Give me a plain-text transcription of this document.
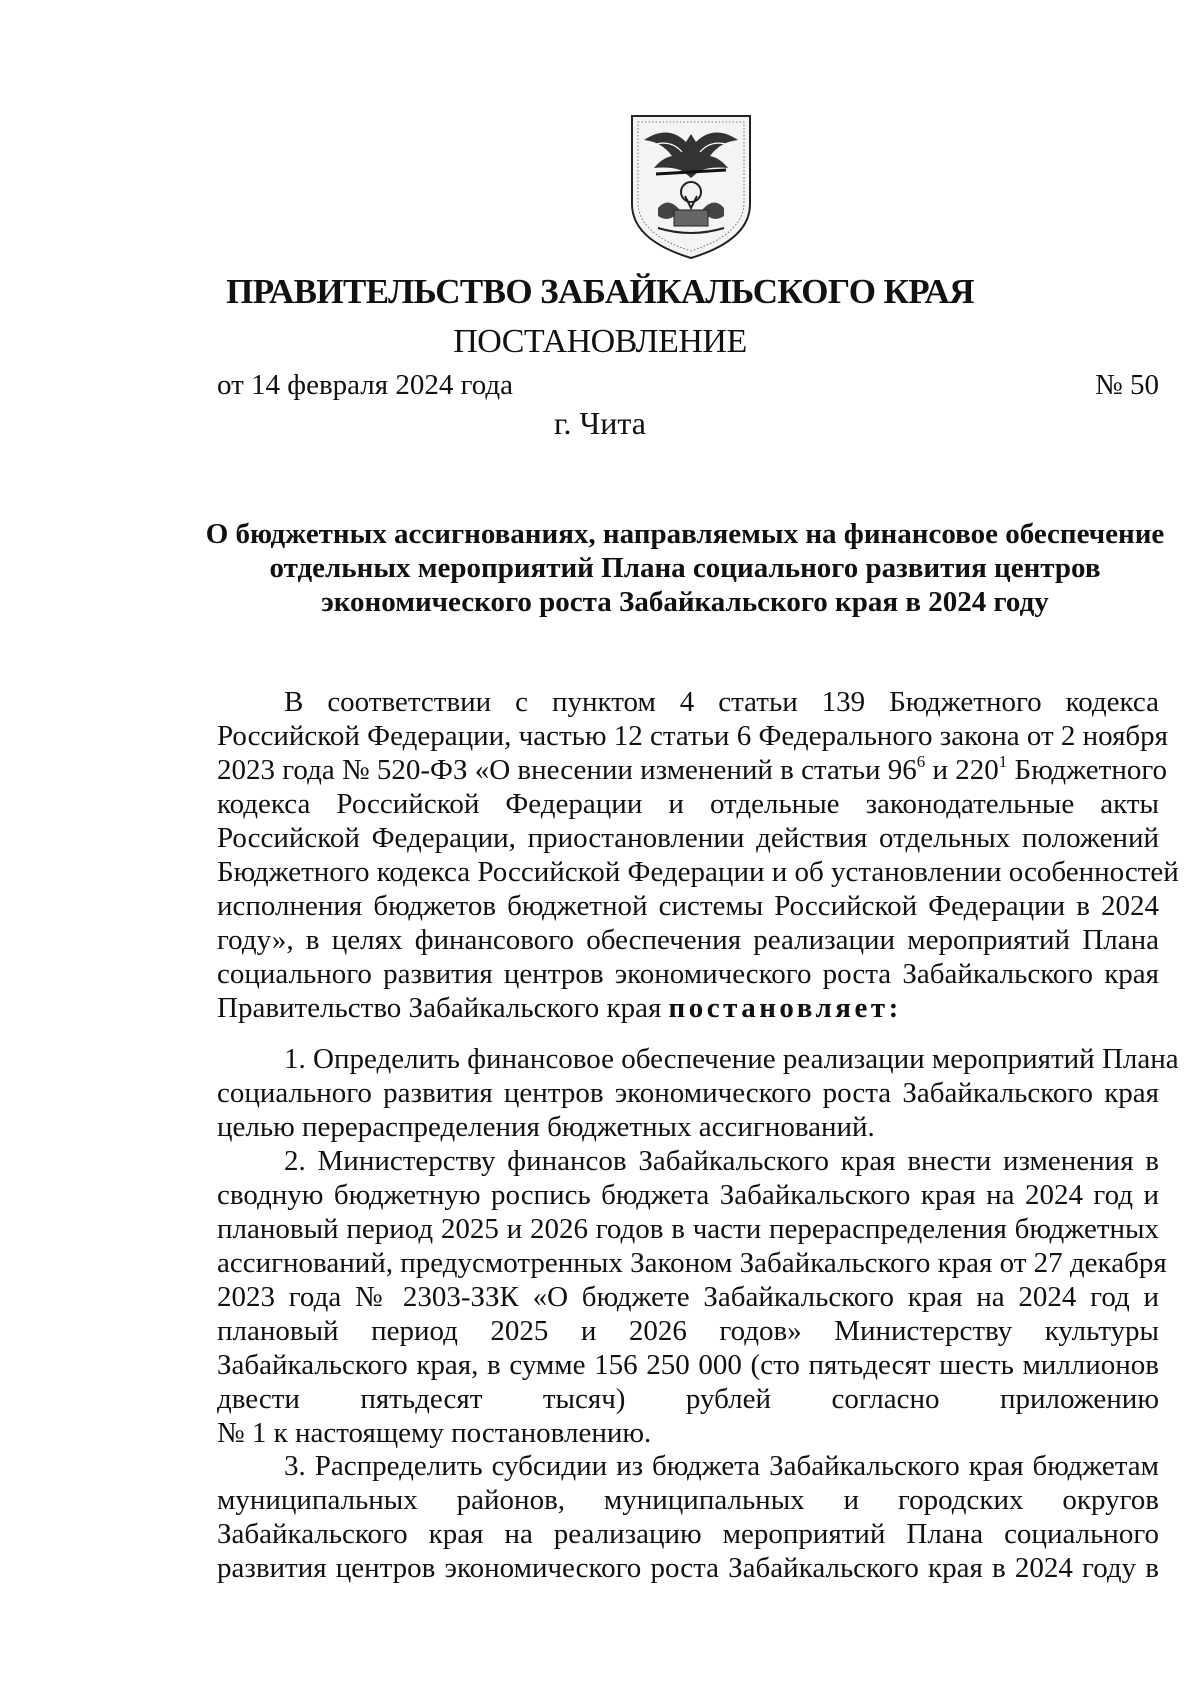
ПРАВИТЕЛЬСТВО ЗАБАЙКАЛЬСКОГО КРАЯ
ПОСТАНОВЛЕНИЕ
от 14 февраля 2024 года	№ 50
г. Чита
О бюджетных ассигнованиях, направляемых на финансовое обеспечение
отдельных мероприятий Плана социального развития центров
экономического роста Забайкальского края в 2024 году
В соответствии с пунктом 4 статьи 139 Бюджетного кодекса
Российской Федерации, частью 12 статьи 6 Федерального закона от 2 ноября
2023 года № 520-ФЗ «О внесении изменений в статьи $96^6$ и $220^1$ Бюджетного
кодекса Российской Федерации и отдельные законодательные акты
Российской Федерации, приостановлении действия отдельных положений
Бюджетного кодекса Российской Федерации и об установлении особенностей
исполнения бюджетов бюджетной системы Российской Федерации в 2024
году», в целях финансового обеспечения реализации мероприятий Плана
социального развития центров экономического роста Забайкальского края
Правительство Забайкальского края постановляет:
1. Определить финансовое обеспечение реализации мероприятий Плана
социального развития центров экономического роста Забайкальского края
целью перераспределения бюджетных ассигнований.
2. Министерству финансов Забайкальского края внести изменения в
сводную бюджетную роспись бюджета Забайкальского края на 2024 год и
плановый период 2025 и 2026 годов в части перераспределения бюджетных
ассигнований, предусмотренных Законом Забайкальского края от 27 декабря
2023 года № 2303-ЗЗК «О бюджете Забайкальского края на 2024 год и
плановый период 2025 и 2026 годов» Министерству культуры
Забайкальского края, в сумме 156 250 000 (сто пятьдесят шесть миллионов
двести пятьдесят тысяч) рублей согласно приложению
№ 1 к настоящему постановлению.
3. Распределить субсидии из бюджета Забайкальского края бюджетам
муниципальных районов, муниципальных и городских округов
Забайкальского края на реализацию мероприятий Плана социального
развития центров экономического роста Забайкальского края в 2024 году в
